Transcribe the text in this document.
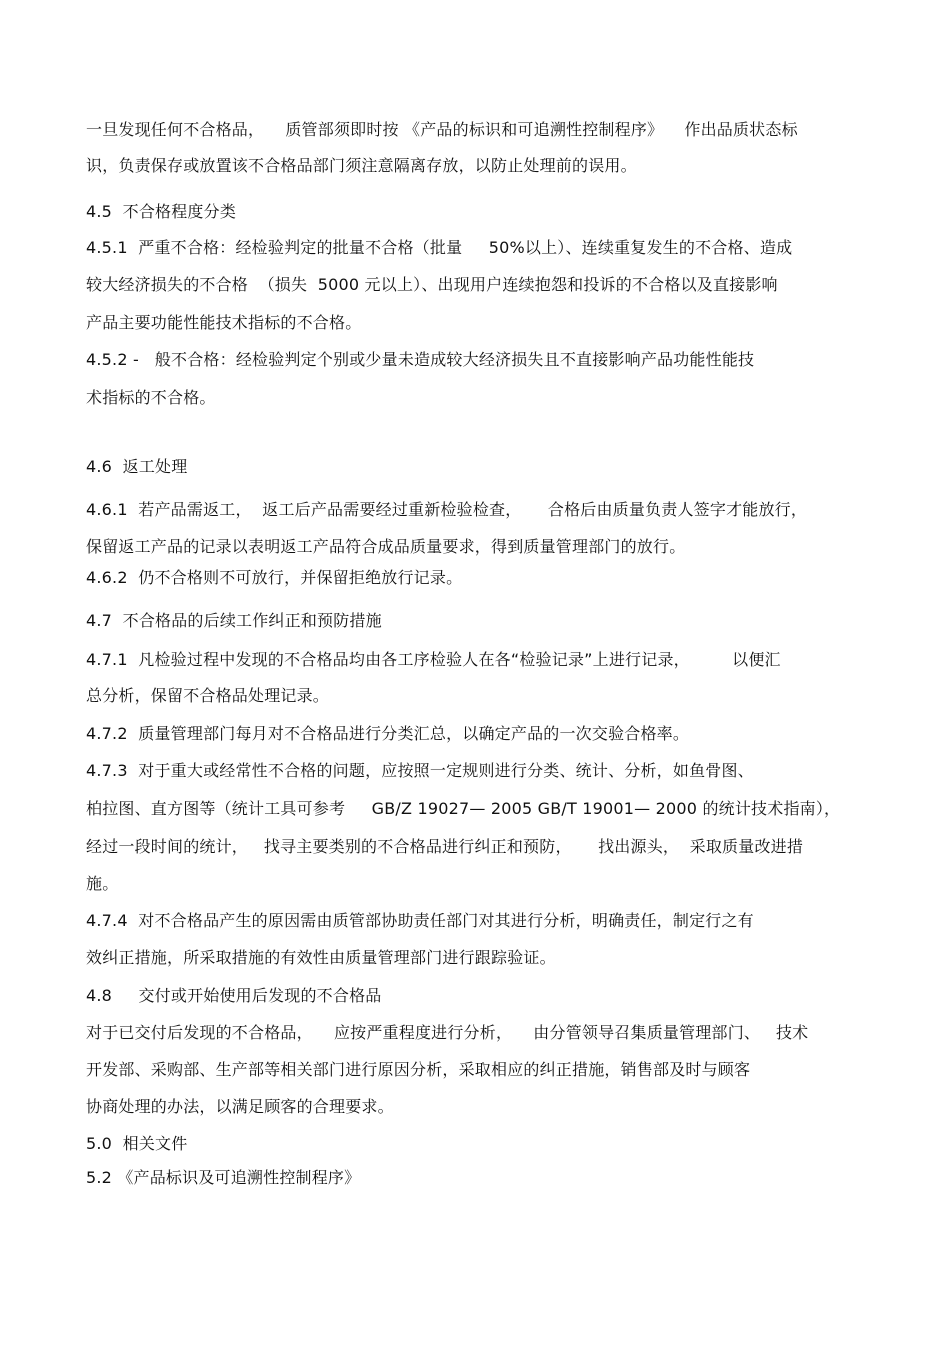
一旦发现任何不合格品，    质管部须即时按 《产品的标识和可追溯性控制程序》    作出品质状态标
识，负责保存或放置该不合格品部门须注意隔离存放，以防止处理前的误用。
4.5  不合格程度分类
4.5.1  严重不合格：经检验判定的批量不合格（批量     50%以上）、连续重复发生的不合格、造成
较大经济损失的不合格  （损失  5000 元以上）、出现用户连续抱怨和投诉的不合格以及直接影响
产品主要功能性能技术指标的不合格。
4.5.2 -   般不合格：经检验判定个别或少量未造成较大经济损失且不直接影响产品功能性能技
术指标的不合格。
4.6  返工处理
4.6.1  若产品需返工，  返工后产品需要经过重新检验检查，     合格后由质量负责人签字才能放行，
保留返工产品的记录以表明返工产品符合成品质量要求，得到质量管理部门的放行。
4.6.2  仍不合格则不可放行，并保留拒绝放行记录。
4.7  不合格品的后续工作纠正和预防措施
4.7.1  凡检验过程中发现的不合格品均由各工序检验人在各“检验记录”上进行记录，        以便汇
总分析，保留不合格品处理记录。
4.7.2  质量管理部门每月对不合格品进行分类汇总，以确定产品的一次交验合格率。
4.7.3  对于重大或经常性不合格的问题，应按照一定规则进行分类、统计、分析，如鱼骨图、
柏拉图、直方图等（统计工具可参考     GB/Z 19027— 2005 GB/T 19001— 2000 的统计技术指南），
经过一段时间的统计，   找寻主要类别的不合格品进行纠正和预防，     找出源头，  采取质量改进措
施。
4.7.4  对不合格品产生的原因需由质管部协助责任部门对其进行分析，明确责任，制定行之有
效纠正措施，所采取措施的有效性由质量管理部门进行跟踪验证。
4.8     交付或开始使用后发现的不合格品
对于已交付后发现的不合格品，    应按严重程度进行分析，    由分管领导召集质量管理部门、   技术
开发部、采购部、生产部等相关部门进行原因分析，采取相应的纠正措施，销售部及时与顾客
协商处理的办法，以满足顾客的合理要求。
5.0  相关文件
5.2 《产品标识及可追溯性控制程序》
